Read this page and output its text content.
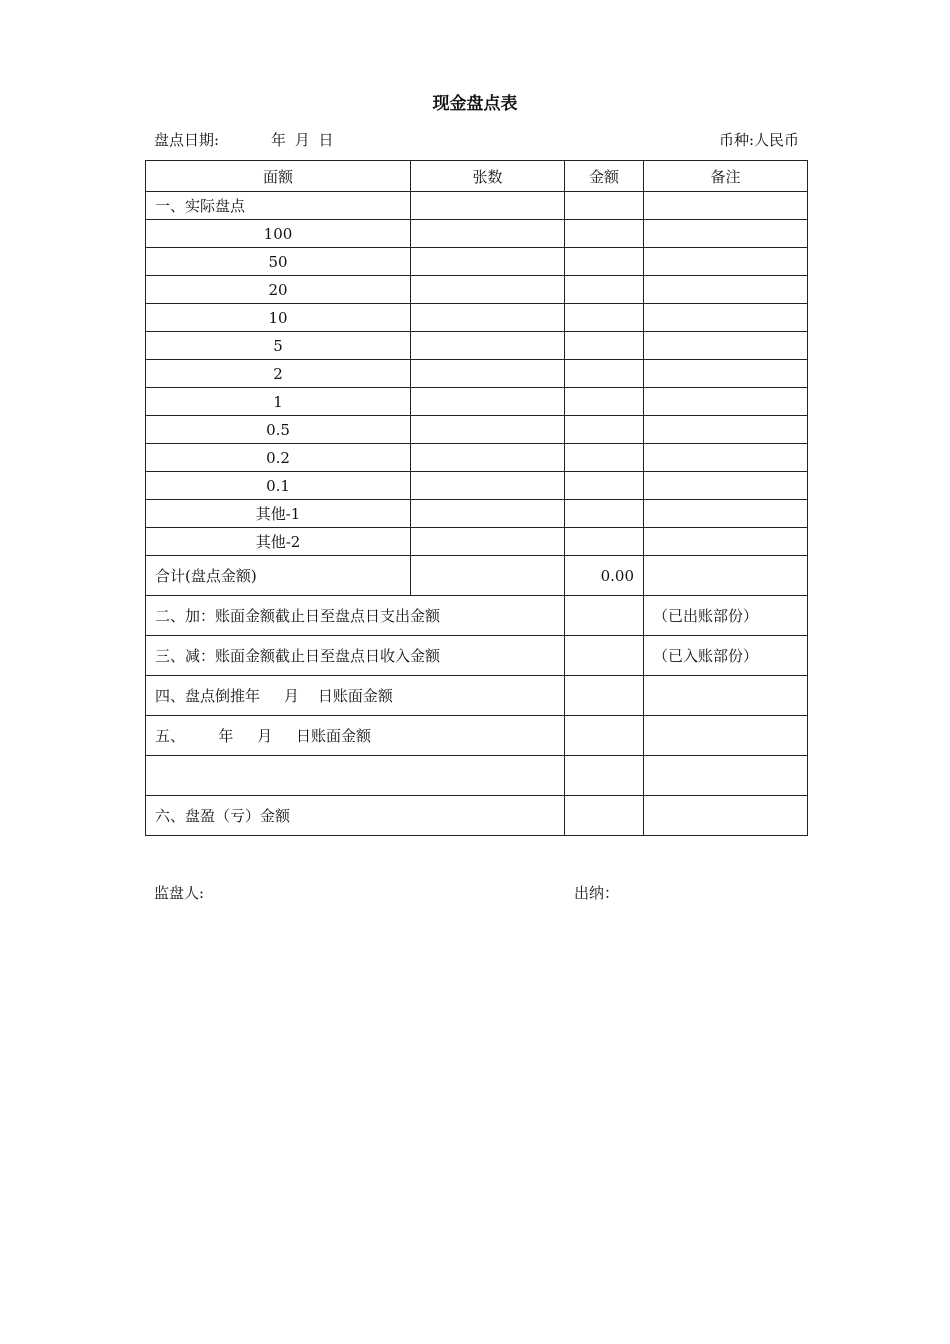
现金盘点表
盘点日期:	年 月 日	币种:人民币
面额	张数	金额	备注
一、实际盘点			
100			
50			
20			
10			
5			
2			
1			
0.5			
0.2			
0.1			
其他-1			
其他-2			
合计(盘点金额)		0.00	
二、加：账面金额截止日至盘点日支出金额			（已出账部份）
三、减：账面金额截止日至盘点日收入金额			（已入账部份）
四、盘点倒推年     月    日账面金额			
五、       年     月     日账面金额			

六、盘盈（亏）金额			
监盘人:	出纳：
